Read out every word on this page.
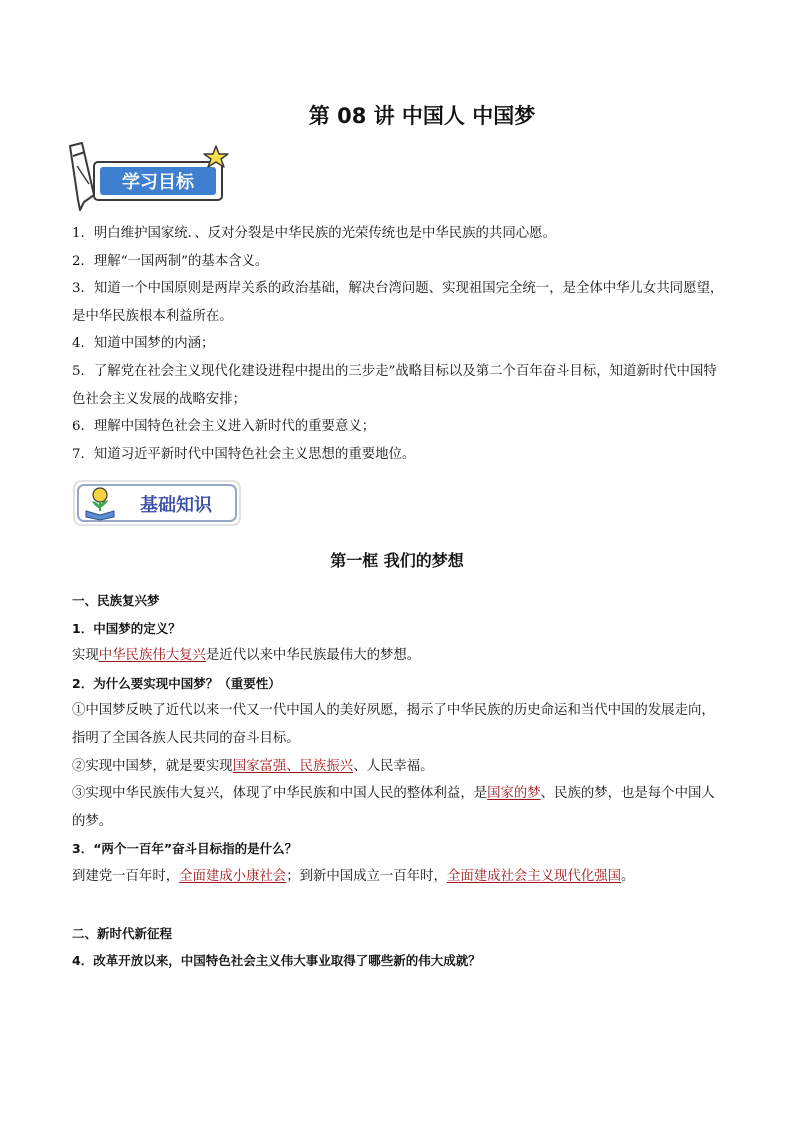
第 08 讲 中国人 中国梦
学习目标

1．明白维护国家统．、反对分裂是中华民族的光荣传统也是中华民族的共同心愿。

2．理解“一国两制”的基本含义。

3．知道一个中国原则是两岸关系的政治基础，解决台湾问题、实现祖国完全统一，是全体中华儿女共同愿望，是中华民族根本利益所在。

4．知道中国梦的内涵；

5．了解党在社会主义现代化建设进程中提出的三步走”战略目标以及第二个百年奋斗目标，知道新时代中国特色社会主义发展的战略安排；

6．理解中国特色社会主义进入新时代的重要意义；

7．知道习近平新时代中国特色社会主义思想的重要地位。

基础知识
第一框 我们的梦想

一、民族复兴梦

1．中国梦的定义？

实现中华民族伟大复兴是近代以来中华民族最伟大的梦想。

2．为什么要实现中国梦？（重要性）

①中国梦反映了近代以来一代又一代中国人的美好夙愿，揭示了中华民族的历史命运和当代中国的发展走向，指明了全国各族人民共同的奋斗目标。

②实现中国梦，就是要实现国家富强、民族振兴、人民幸福。

③实现中华民族伟大复兴，体现了中华民族和中国人民的整体利益，是国家的梦、民族的梦，也是每个中国人的梦。

3．“两个一百年”奋斗目标指的是什么？

到建党一百年时，全面建成小康社会；到新中国成立一百年时，全面建成社会主义现代化强国。

二、新时代新征程

4．改革开放以来，中国特色社会主义伟大事业取得了哪些新的伟大成就？
